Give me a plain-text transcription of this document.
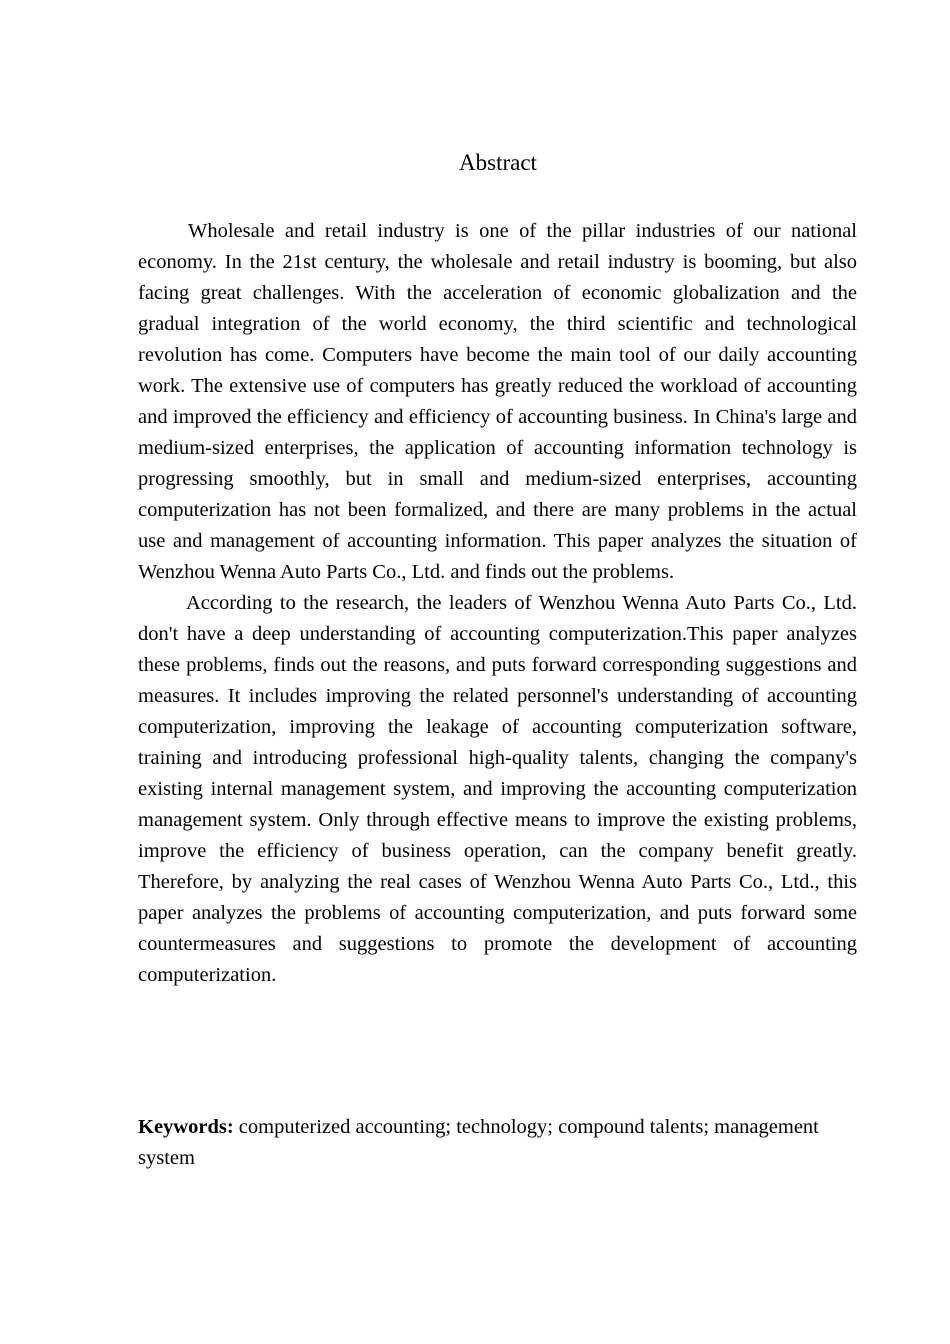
Abstract

Wholesale and retail industry is one of the pillar industries of our national economy. In the 21st century, the wholesale and retail industry is booming, but also facing great challenges. With the acceleration of economic globalization and the gradual integration of the world economy, the third scientific and technological revolution has come. Computers have become the main tool of our daily accounting work. The extensive use of computers has greatly reduced the workload of accounting and improved the efficiency and efficiency of accounting business. In China's large and medium-sized enterprises, the application of accounting information technology is progressing smoothly, but in small and medium-sized enterprises, accounting computerization has not been formalized, and there are many problems in the actual use and management of accounting information. This paper analyzes the situation of Wenzhou Wenna Auto Parts Co., Ltd. and finds out the problems.

According to the research, the leaders of Wenzhou Wenna Auto Parts Co., Ltd. don't have a deep understanding of accounting computerization.This paper analyzes these problems, finds out the reasons, and puts forward corresponding suggestions and measures. It includes improving the related personnel's understanding of accounting computerization, improving the leakage of accounting computerization software, training and introducing professional high-quality talents, changing the company's existing internal management system, and improving the accounting computerization management system. Only through effective means to improve the existing problems, improve the efficiency of business operation, can the company benefit greatly. Therefore, by analyzing the real cases of Wenzhou Wenna Auto Parts Co., Ltd., this paper analyzes the problems of accounting computerization, and puts forward some countermeasures and suggestions to promote the development of accounting computerization.

Keywords: computerized accounting; technology; compound talents; management system
